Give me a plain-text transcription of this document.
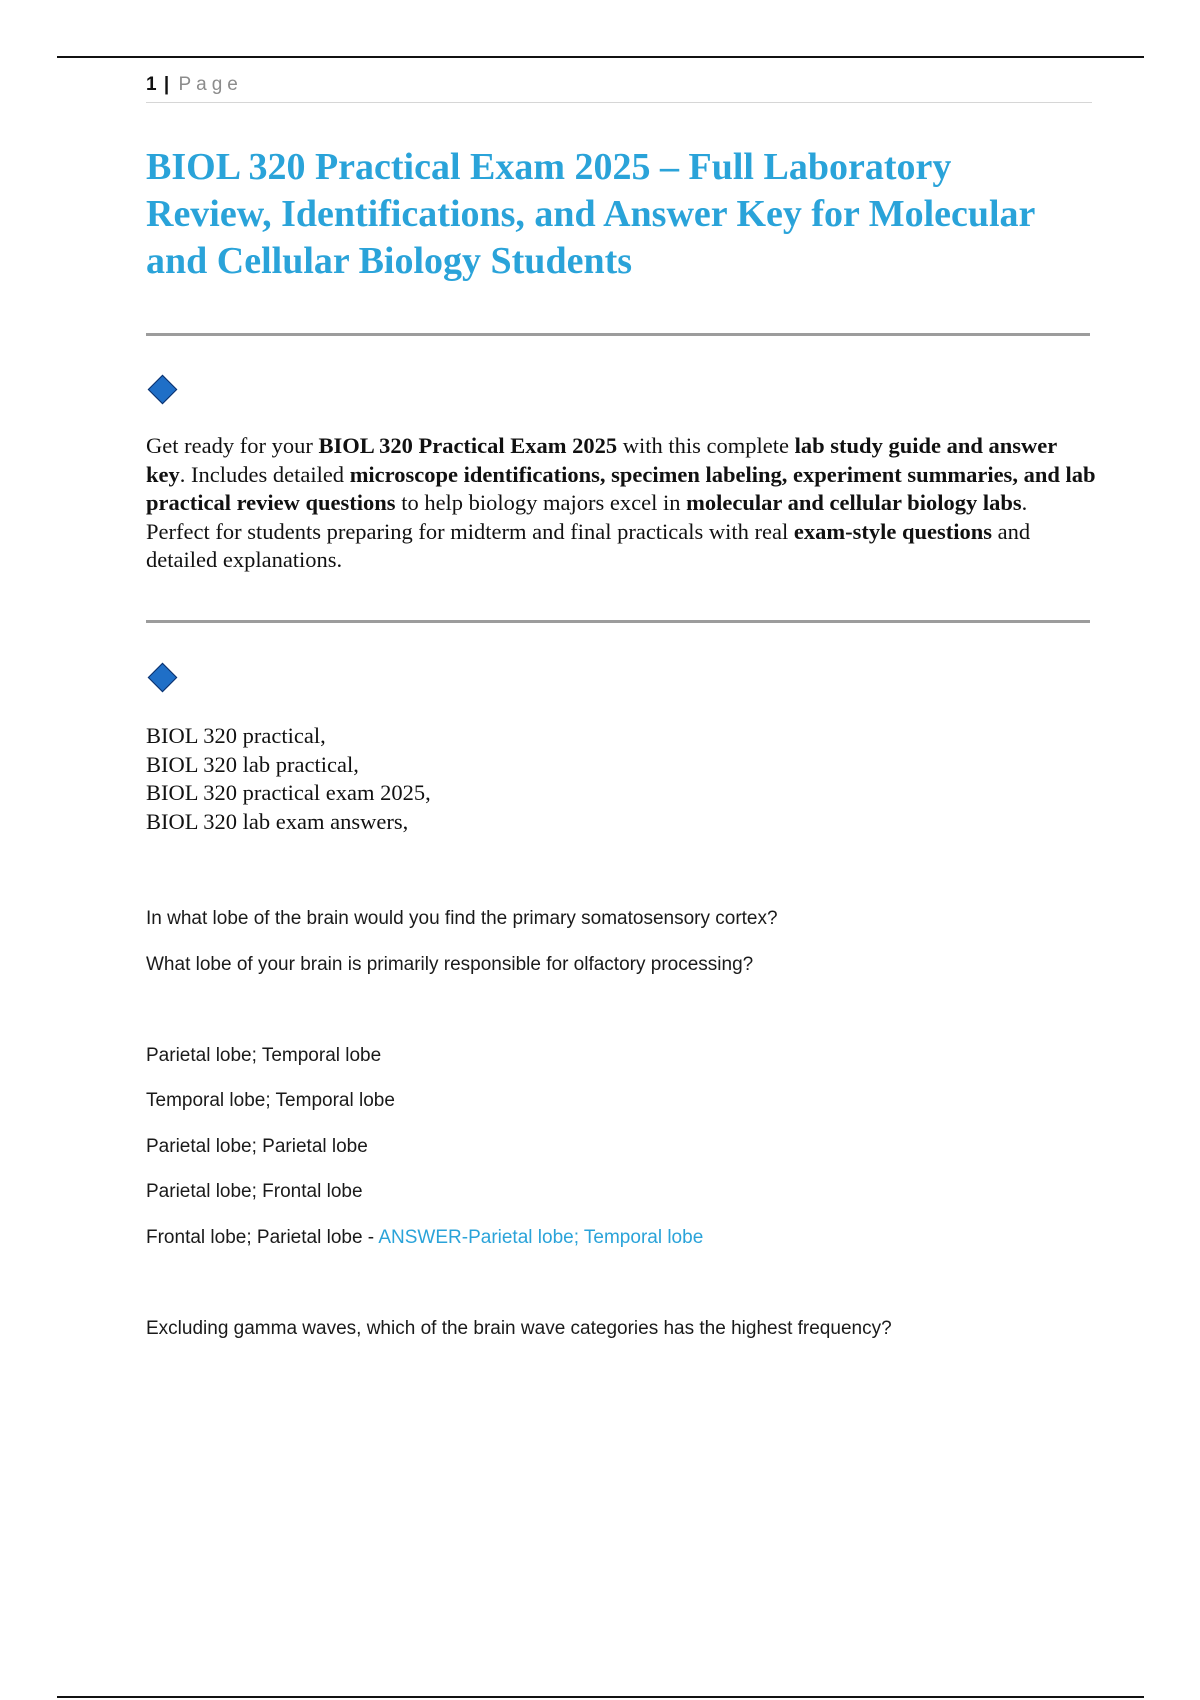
1 | Page
BIOL 320 Practical Exam 2025 – Full Laboratory Review, Identifications, and Answer Key for Molecular and Cellular Biology Students

Get ready for your BIOL 320 Practical Exam 2025 with this complete lab study guide and answer key. Includes detailed microscope identifications, specimen labeling, experiment summaries, and lab practical review questions to help biology majors excel in molecular and cellular biology labs. Perfect for students preparing for midterm and final practicals with real exam-style questions and detailed explanations.

BIOL 320 practical,
BIOL 320 lab practical,
BIOL 320 practical exam 2025,
BIOL 320 lab exam answers,

In what lobe of the brain would you find the primary somatosensory cortex?

What lobe of your brain is primarily responsible for olfactory processing?

Parietal lobe; Temporal lobe

Temporal lobe; Temporal lobe

Parietal lobe; Parietal lobe

Parietal lobe; Frontal lobe

Frontal lobe; Parietal lobe - ANSWER-Parietal lobe; Temporal lobe

Excluding gamma waves, which of the brain wave categories has the highest frequency?
